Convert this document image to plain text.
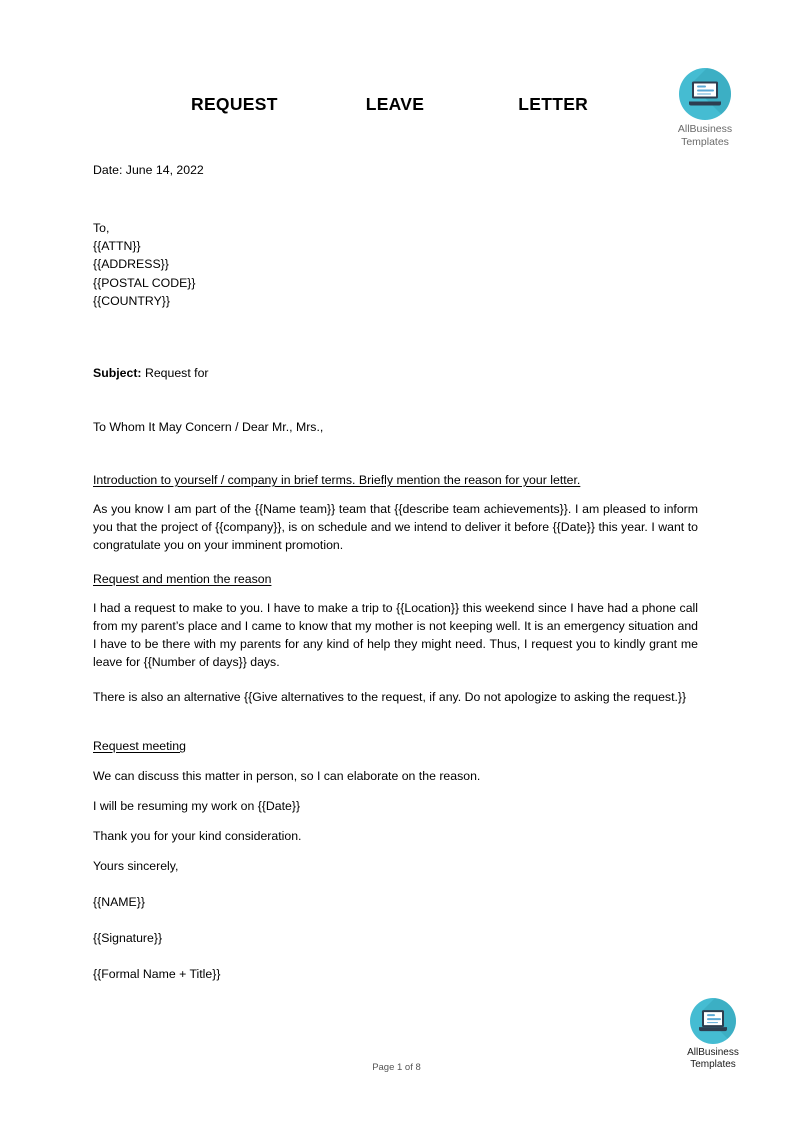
REQUEST	LEAVE	LETTER
AllBusiness
Templates
Date: June 14, 2022
To,
{{ATTN}}
{{ADDRESS}}
{{POSTAL CODE}}
{{COUNTRY}}
Subject: Request for
To Whom It May Concern / Dear Mr., Mrs.,
Introduction to yourself / company in brief terms. Briefly mention the reason for your letter.
As you know I am part of the {{Name team}} team that {{describe team achievements}}. I am pleased to inform you that the project of {{company}}, is on schedule and we intend to deliver it before {{Date}} this year. I want to congratulate you on your imminent promotion.
Request and mention the reason
I had a request to make to you. I have to make a trip to {{Location}} this weekend since I have had a phone call from my parent’s place and I came to know that my mother is not keeping well. It is an emergency situation and I have to be there with my parents for any kind of help they might need. Thus, I request you to kindly grant me leave for {{Number of days}} days.
There is also an alternative {{Give alternatives to the request, if any. Do not apologize to asking the request.}}
Request meeting
We can discuss this matter in person, so I can elaborate on the reason.
I will be resuming my work on {{Date}}
Thank you for your kind consideration.
Yours sincerely,
{{NAME}}
{{Signature}}
{{Formal Name + Title}}
AllBusiness
Templates
Page 1 of 8
